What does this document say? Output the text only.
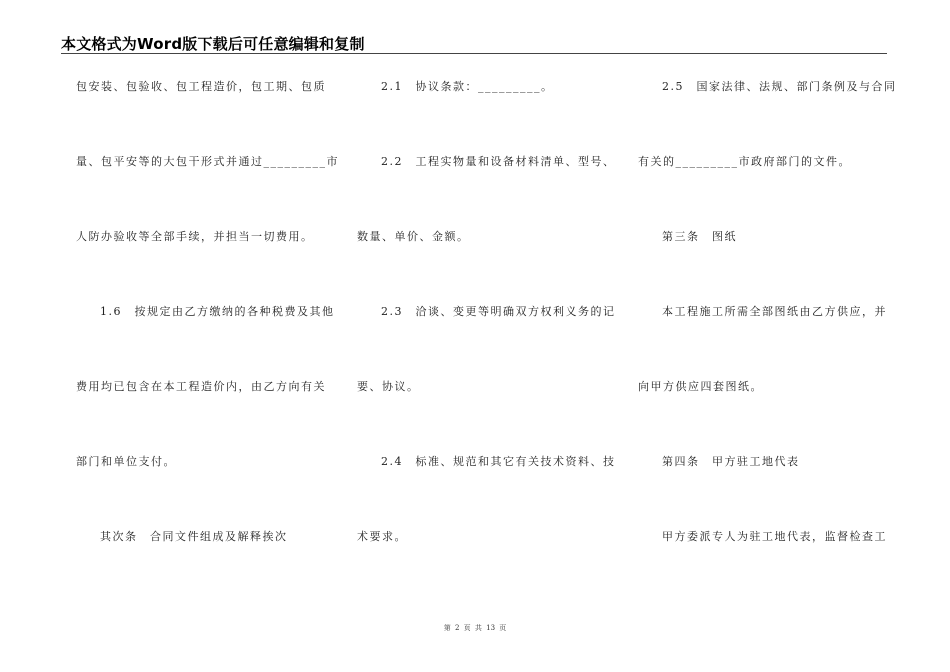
本文格式为Word版下载后可任意编辑和复制
包安装、包验收、包工程造价，包工期、包质
量、包平安等的大包干形式并通过_________市
人防办验收等全部手续，并担当一切费用。
1.6　按规定由乙方缴纳的各种税费及其他
费用均已包含在本工程造价内，由乙方向有关
部门和单位支付。
其次条　合同文件组成及解释挨次
2.1　协议条款：_________。
2.2　工程实物量和设备材料清单、型号、
数量、单价、金额。
2.3　洽谈、变更等明确双方权利义务的记
要、协议。
2.4　标准、规范和其它有关技术资料、技
术要求。
2.5　国家法律、法规、部门条例及与合同
有关的_________市政府部门的文件。
第三条　图纸
本工程施工所需全部图纸由乙方供应，并
向甲方供应四套图纸。
第四条　甲方驻工地代表
甲方委派专人为驻工地代表，监督检查工
第 2 页 共 13 页
